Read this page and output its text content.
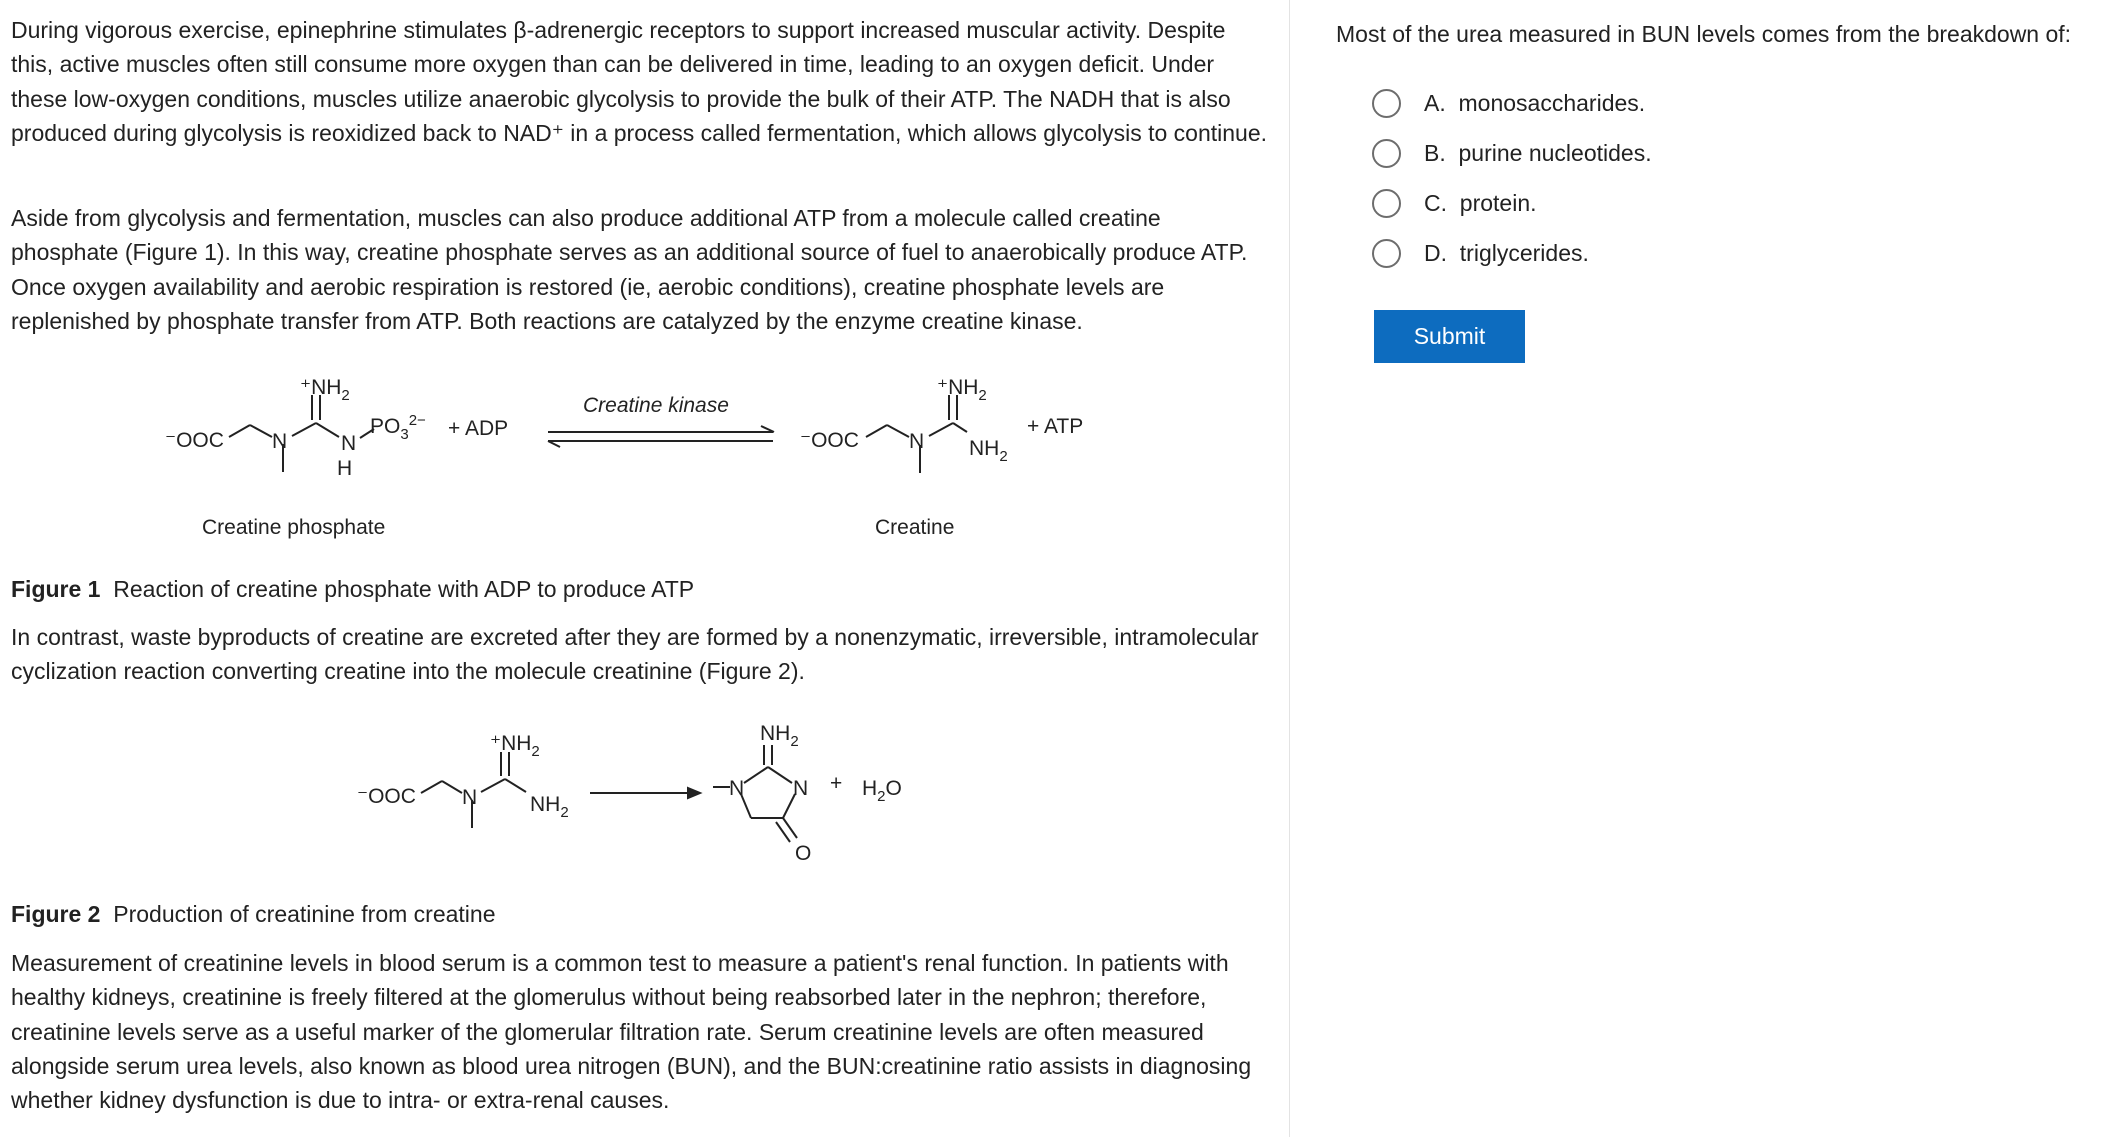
During vigorous exercise, epinephrine stimulates β-adrenergic receptors to support increased muscular activity. Despite this, active muscles often still consume more oxygen than can be delivered in time, leading to an oxygen deficit. Under these low-oxygen conditions, muscles utilize anaerobic glycolysis to provide the bulk of their ATP. The NADH that is also produced during glycolysis is reoxidized back to NAD⁺ in a process called fermentation, which allows glycolysis to continue.

Aside from glycolysis and fermentation, muscles can also produce additional ATP from a molecule called creatine phosphate (Figure 1). In this way, creatine phosphate serves as an additional source of fuel to anaerobically produce ATP. Once oxygen availability and aerobic respiration is restored (ie, aerobic conditions), creatine phosphate levels are replenished by phosphate transfer from ATP. Both reactions are catalyzed by the enzyme creatine kinase.

⁻OOC N	N
H
$^+NH_2$
$PO_3^{2-}$ + ADP
Creatine kinase
⁻OOC N
$^+NH_2$
$NH_2$
+ ATP
Creatine phosphate	Creatine

Figure 1 Reaction of creatine phosphate with ADP to produce ATP

In contrast, waste byproducts of creatine are excreted after they are formed by a nonenzymatic, irreversible, intramolecular cyclization reaction converting creatine into the molecule creatinine (Figure 2).

⁻OOC N
$^+NH_2$
$NH_2$
N N
$NH_2$
O
+ $H_2O$

Figure 2 Production of creatinine from creatine

Measurement of creatinine levels in blood serum is a common test to measure a patient's renal function. In patients with healthy kidneys, creatinine is freely filtered at the glomerulus without being reabsorbed later in the nephron; therefore, creatinine levels serve as a useful marker of the glomerular filtration rate. Serum creatinine levels are often measured alongside serum urea levels, also known as blood urea nitrogen (BUN), and the BUN:creatinine ratio assists in diagnosing whether kidney dysfunction is due to intra- or extra-renal causes.

Most of the urea measured in BUN levels comes from the breakdown of:

A. monosaccharides.
B. purine nucleotides.
C. protein.
D. triglycerides.
Submit
